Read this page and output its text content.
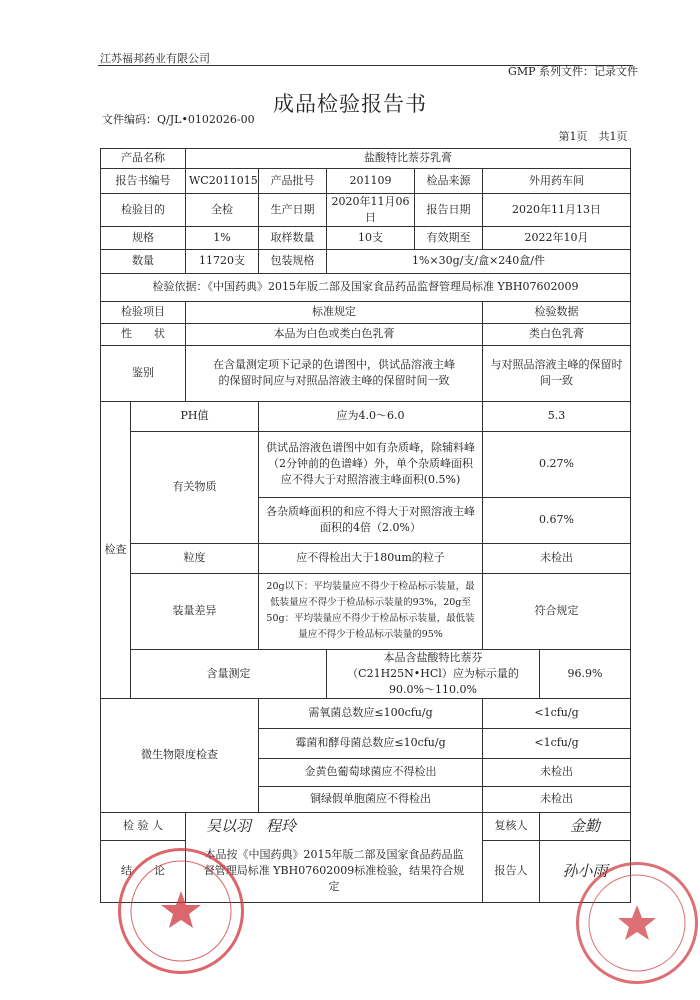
江苏福邦药业有限公司
GMP 系列文件：记录文件
成品检验报告书
文件编码：Q/JL•0102026-00
						第1页　共1页	
产品名称		盐酸特比萘芬乳膏					
报告书编号		WC2011015	产品批号	201109	检品来源	外用药车间	
检验目的		全检	生产日期	2020年11月06日	报告日期	2020年11月13日	
规格		1%	取样数量	10支	有效期至	2022年10月	
数量		11720支	包装规格	1%×30g/支/盒×240盒/件			
检验依据：《中国药典》2015年版二部及国家食品药品监督管理局标准 YBH07602009							
检验项目		标准规定				检验数据	
性　　状		本品为白色或类白色乳膏				类白色乳膏	
鉴别		在含量测定项下记录的色谱图中，供试品溶液主峰的保留时间应与对照品溶液主峰的保留时间一致				与对照品溶液主峰的保留时间一致	
检查	PH值		应为4.0～6.0			5.3	
	有关物质		供试品溶液色谱图中如有杂质峰，除辅料峰（2分钟前的色谱峰）外，单个杂质峰面积应不得大于对照溶液主峰面积(0.5%)			0.27%	
			各杂质峰面积的和应不得大于对照溶液主峰面积的4倍（2.0%）			0.67%	
	粒度		应不得检出大于180um的粒子			未检出	
	装量差异		20g以下：平均装量应不得少于检品标示装量，最低装量应不得少于检品标示装量的93%，20g至50g：平均装量应不得少于检品标示装量，最低装量应不得少于检品标示装量的95%			符合规定	
	含量测定			本品含盐酸特比萘芬（C21H25N•HCl）应为标示量的90.0%～110.0%			96.9%
微生物限度检查			需氧菌总数应≤100cfu/g			<1cfu/g	
			霉菌和酵母菌总数应≤10cfu/g			<1cfu/g	
			金黄色葡萄球菌应不得检出			未检出	
			铜绿假单胞菌应不得检出			未检出	
检 验 人		吴以羽　程玲				复核人	金勤
结　　论		本品按《中国药典》2015年版二部及国家食品药品监督管理局标准 YBH07602009标准检验，结果符合规定				报告人	孙小雨
